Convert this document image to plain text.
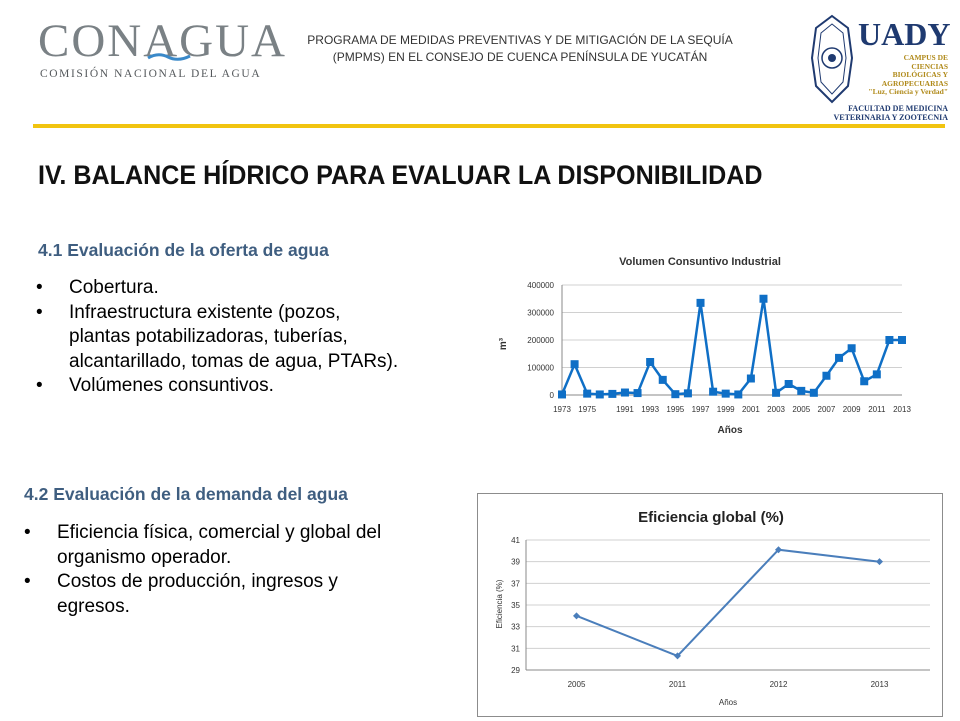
CONAGUA
COMISIÓN NACIONAL DEL AGUA
PROGRAMA DE MEDIDAS PREVENTIVAS Y DE MITIGACIÓN DE LA SEQUÍA
(PMPMS) EN EL CONSEJO DE CUENCA PENÍNSULA DE YUCATÁN
UADY
CAMPUS DE
CIENCIAS
BIOLÓGICAS Y
AGROPECUARIAS
"Luz, Ciencia y Verdad"
FACULTAD DE MEDICINA
VETERINARIA Y ZOOTECNIA
IV. BALANCE HÍDRICO PARA EVALUAR LA DISPONIBILIDAD
4.1 Evaluación de la oferta de agua
• Cobertura.
• Infraestructura existente (pozos, plantas potabilizadoras, tuberías, alcantarillado, tomas de agua, PTARs).
• Volúmenes consuntivos.
4.2 Evaluación de la demanda del agua
• Eficiencia física, comercial y global del organismo operador.
• Costos de producción, ingresos y egresos.
Volumen Consuntivo Industrial
m³
Años
0
100000
200000
300000
400000
1973 1975 1991 1993 1995 1997 1999 2001 2003 2005 2007 2009 2011 2013
Eficiencia global (%)
Eficiencia (%)
Años
29
31
33
35
37
39
41
2005	2011	2012	2013
